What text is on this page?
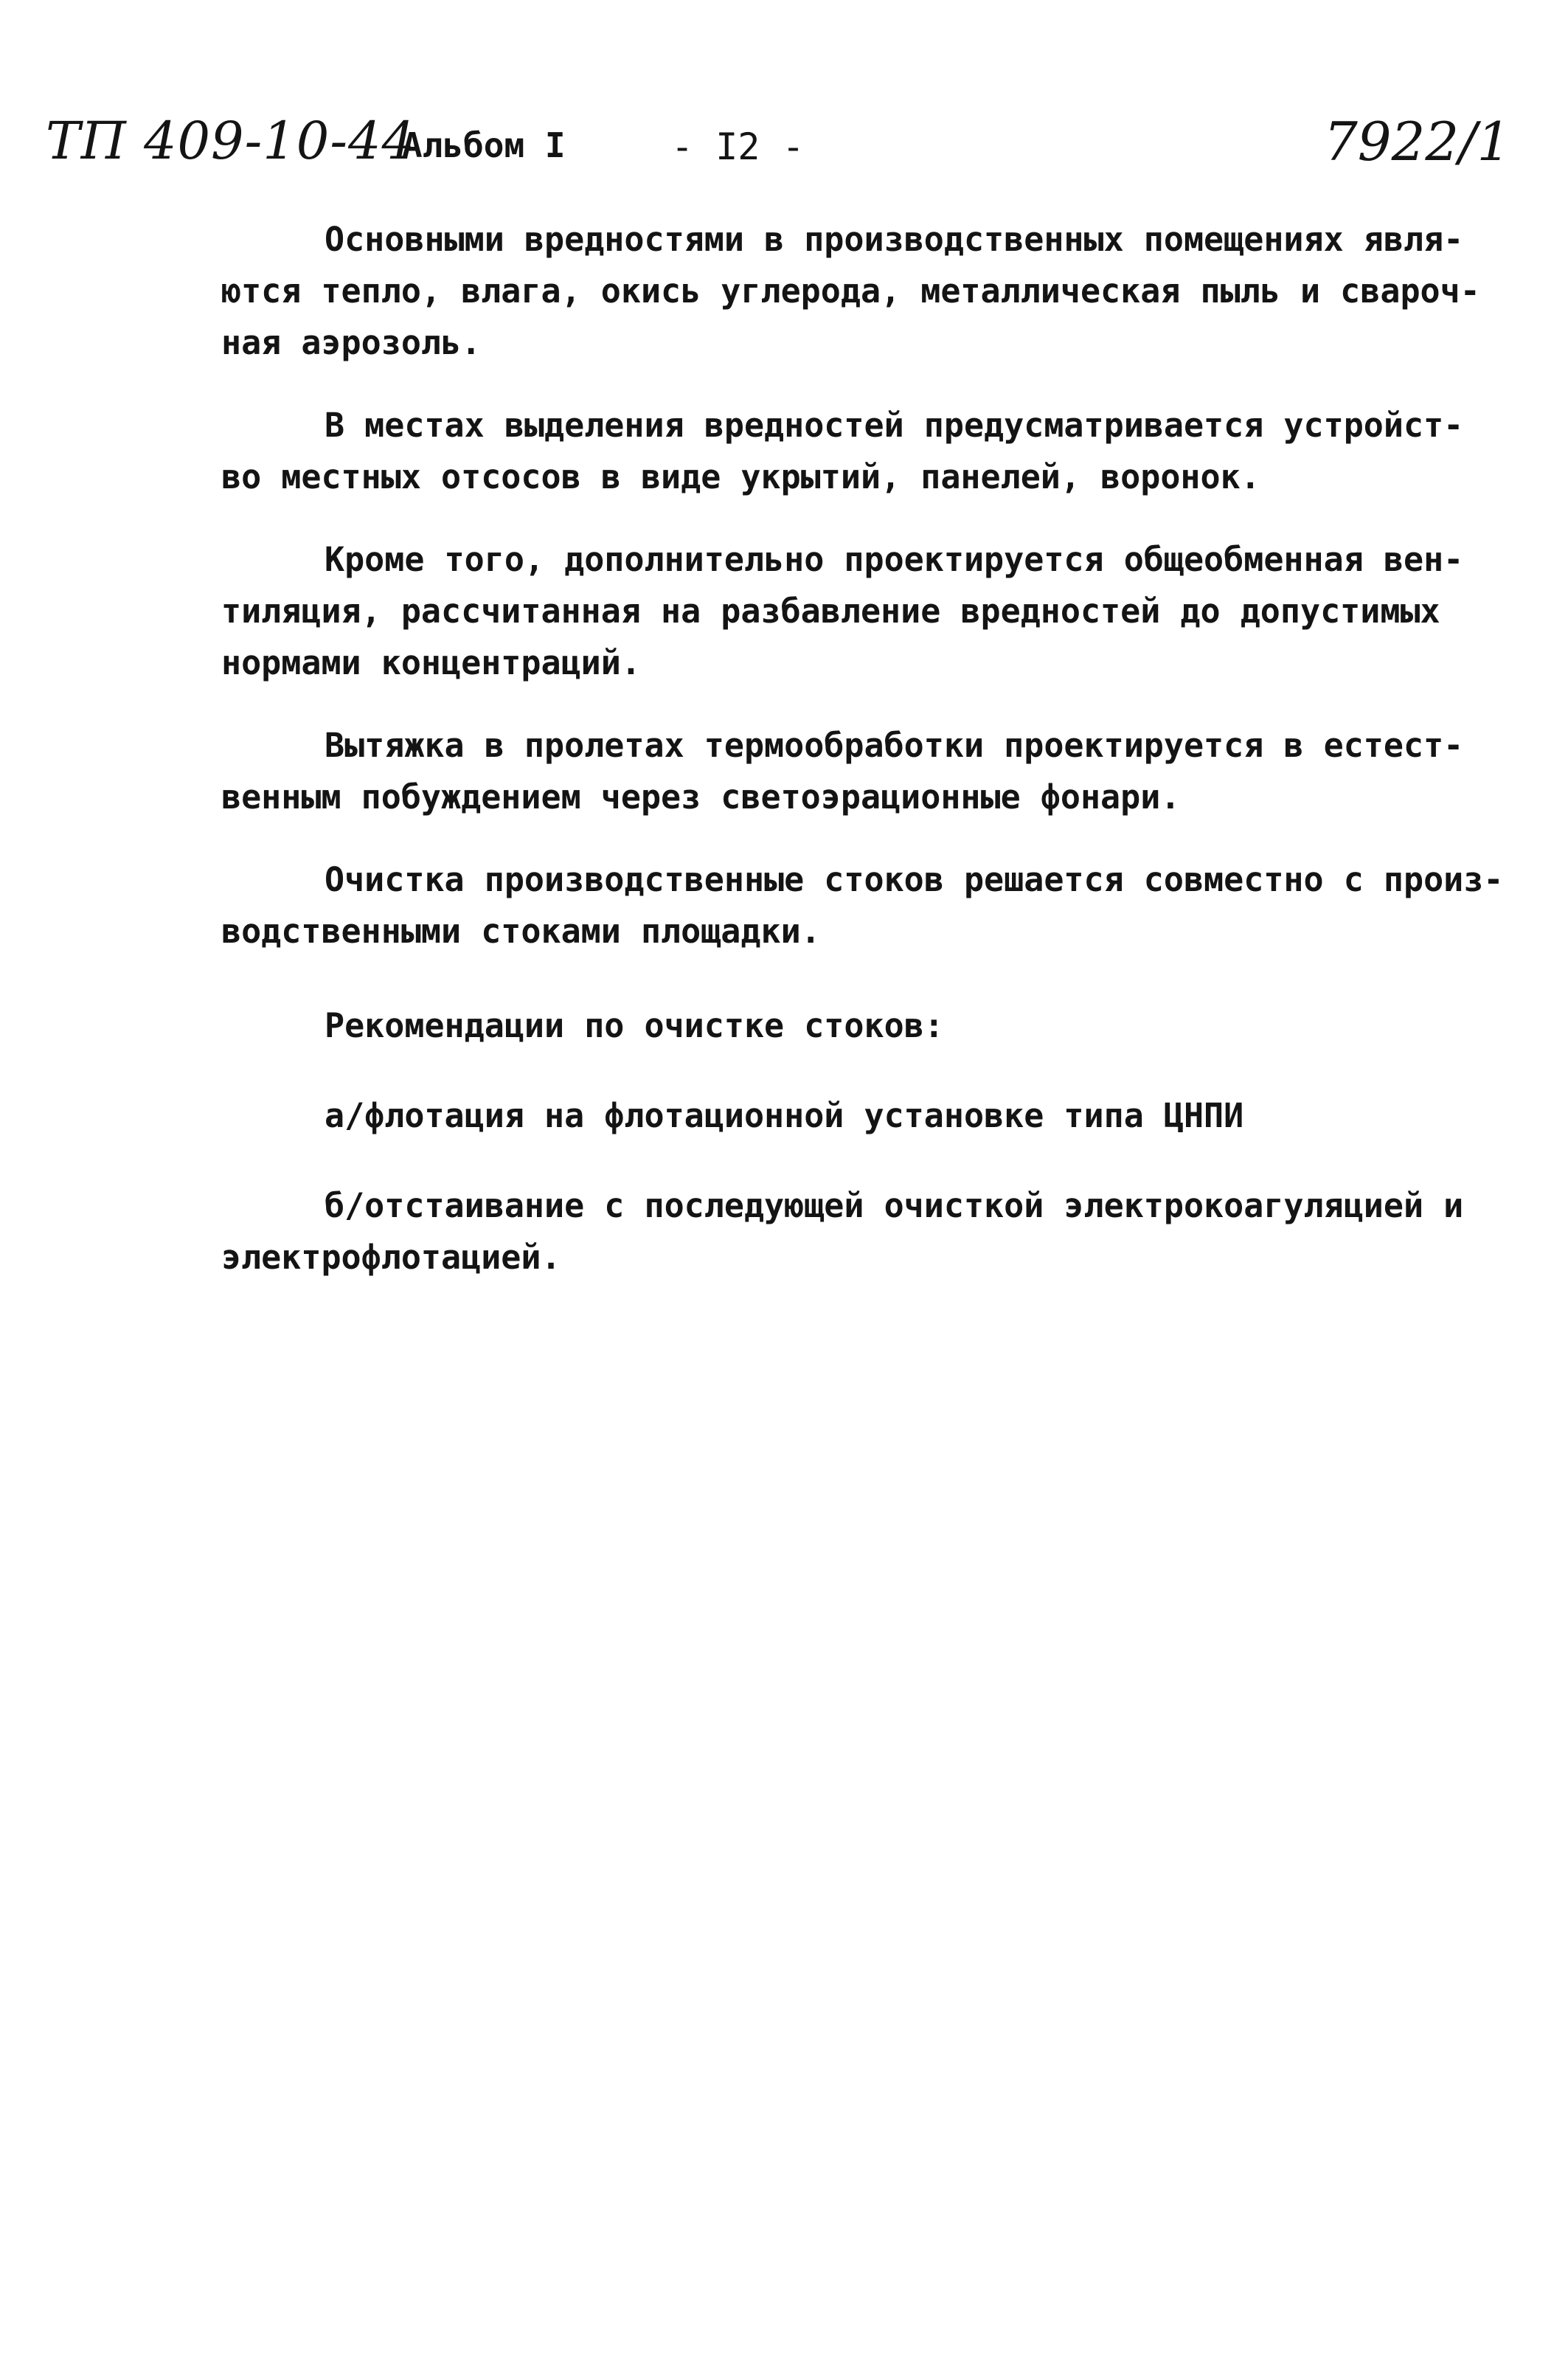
ТП 409-10-44
Альбом I	- I2 -	7922/1

Основными вредностями в производственных помещениях явля-
ются тепло, влага, окись углерода, металлическая пыль и свароч-
ная аэрозоль.

В местах выделения вредностей предусматривается устройст-
во местных отсосов в виде укрытий, панелей, воронок.

Кроме того, дополнительно проектируется общеобменная вен-
тиляция, рассчитанная на разбавление вредностей до допустимых
нормами концентраций.

Вытяжка в пролетах термообработки проектируется в естест-
венным побуждением через светоэрационные фонари.

Очистка производственные стоков решается совместно с произ-
водственными стоками площадки.

Рекомендации по очистке стоков:

а/флотация на флотационной установке типа ЦНПИ

б/отстаивание с последующей очисткой электрокоагуляцией и
электрофлотацией.
